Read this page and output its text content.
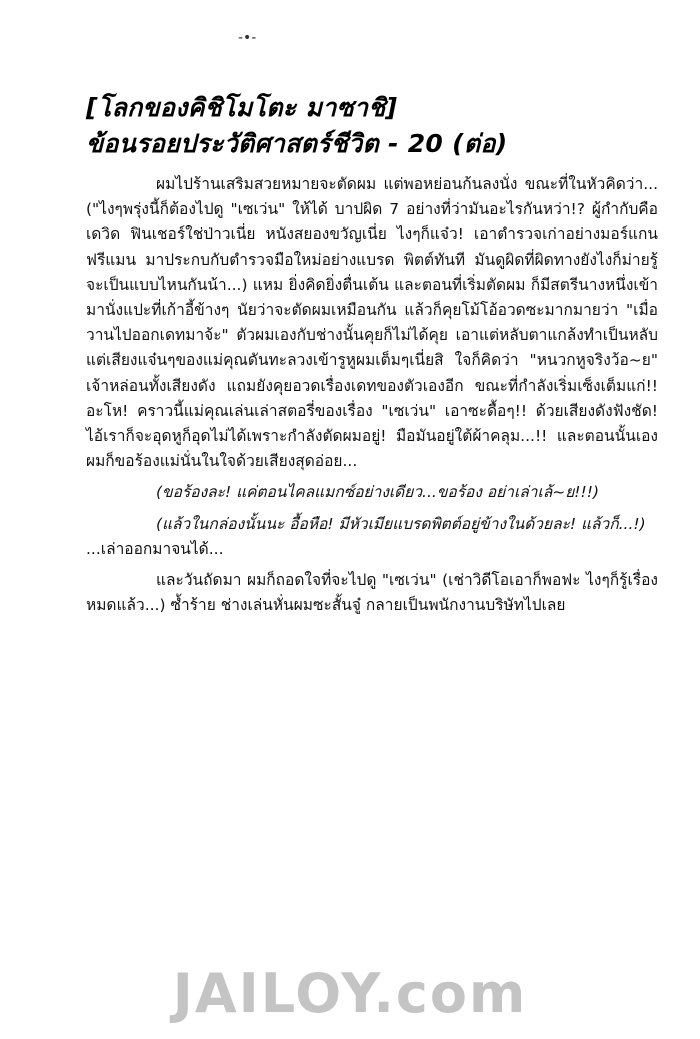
-•-
[โลกของคิชิโมโตะ มาซาชิ]
ข้อนรอยประวัติศาสตร์ชีวิต - 20 (ต่อ)

ผมไปร้านเสริมสวยหมายจะตัดผม แต่พอหย่อนก้นลงนั่ง ขณะที่ในหัวคิดว่า... ("ไงๆพรุ่งนี้ก็ต้องไปดู "เซเว่น" ให้ได้ บาปผิด 7 อย่างที่ว่ามันอะไรกันหว่า!? ผู้กำกับคือเดวิด ฟินเชอร์ใช่ป่าวเนี่ย หนังสยองขวัญเนี่ย ไงๆก็แจ๋ว! เอาตำรวจเก่าอย่างมอร์แกน ฟรีแมน มาประกบกับตำรวจมือใหม่อย่างแบรด พิตต์ทันที มันดูผิดที่ผิดทางยังไงก็ม่ายรู้ จะเป็นแบบไหนกันน้า...) แหม ยิ่งคิดยิ่งตื่นเต้น และตอนที่เริ่มตัดผม ก็มีสตรีนางหนึ่งเข้ามานั่งแปะที่เก้าอี้ข้างๆ นัยว่าจะตัดผมเหมือนกัน แล้วก็คุยโม้โอ้อวดซะมากมายว่า "เมื่อวานไปออกเดทมาจ้ะ" ตัวผมเองกับช่างนั้นคุยก็ไม่ได้คุย เอาแต่หลับตาแกล้งทำเป็นหลับ แต่เสียงแจ๋นๆของแม่คุณดันทะลวงเข้ารูหูผมเต็มๆเนี่ยสิ ใจก็คิดว่า "หนวกหูจริงว้อ~ย" เจ้าหล่อนทั้งเสียงดัง แถมยังคุยอวดเรื่องเดทของตัวเองอีก ขณะที่กำลังเริ่มเซ็งเต็มแก่!! อะโห! คราวนี้แม่คุณเล่นเล่าสตอรี่ของเรื่อง "เซเว่น" เอาซะดื้อๆ!! ด้วยเสียงดังฟังชัด! ไอ้เราก็จะอุดหูก็อุดไม่ได้เพราะกำลังตัดผมอยู่! มือมันอยู่ใต้ผ้าคลุม...!! และตอนนั้นเอง ผมก็ขอร้องแม่นั่นในใจด้วยเสียงสุดอ่อย...

(ขอร้องละ! แค่ตอนไคลแมกซ์อย่างเดียว...ขอร้อง อย่าเล่าเล้~ย!!!)

(แล้วในกล่องนั้นนะ อื้อหือ! มีหัวเมียแบรดพิตต์อยู่ข้างในด้วยละ! แล้วก็...!)

...เล่าออกมาจนได้...

และวันถัดมา ผมก็ถอดใจที่จะไปดู "เซเว่น" (เช่าวิดีโอเอาก็พอฟะ ไงๆก็รู้เรื่องหมดแล้ว...) ซ้ำร้าย ช่างเล่นหั่นผมซะสั้นจู๋ กลายเป็นพนักงานบริษัทไปเลย

JAILOY.com
